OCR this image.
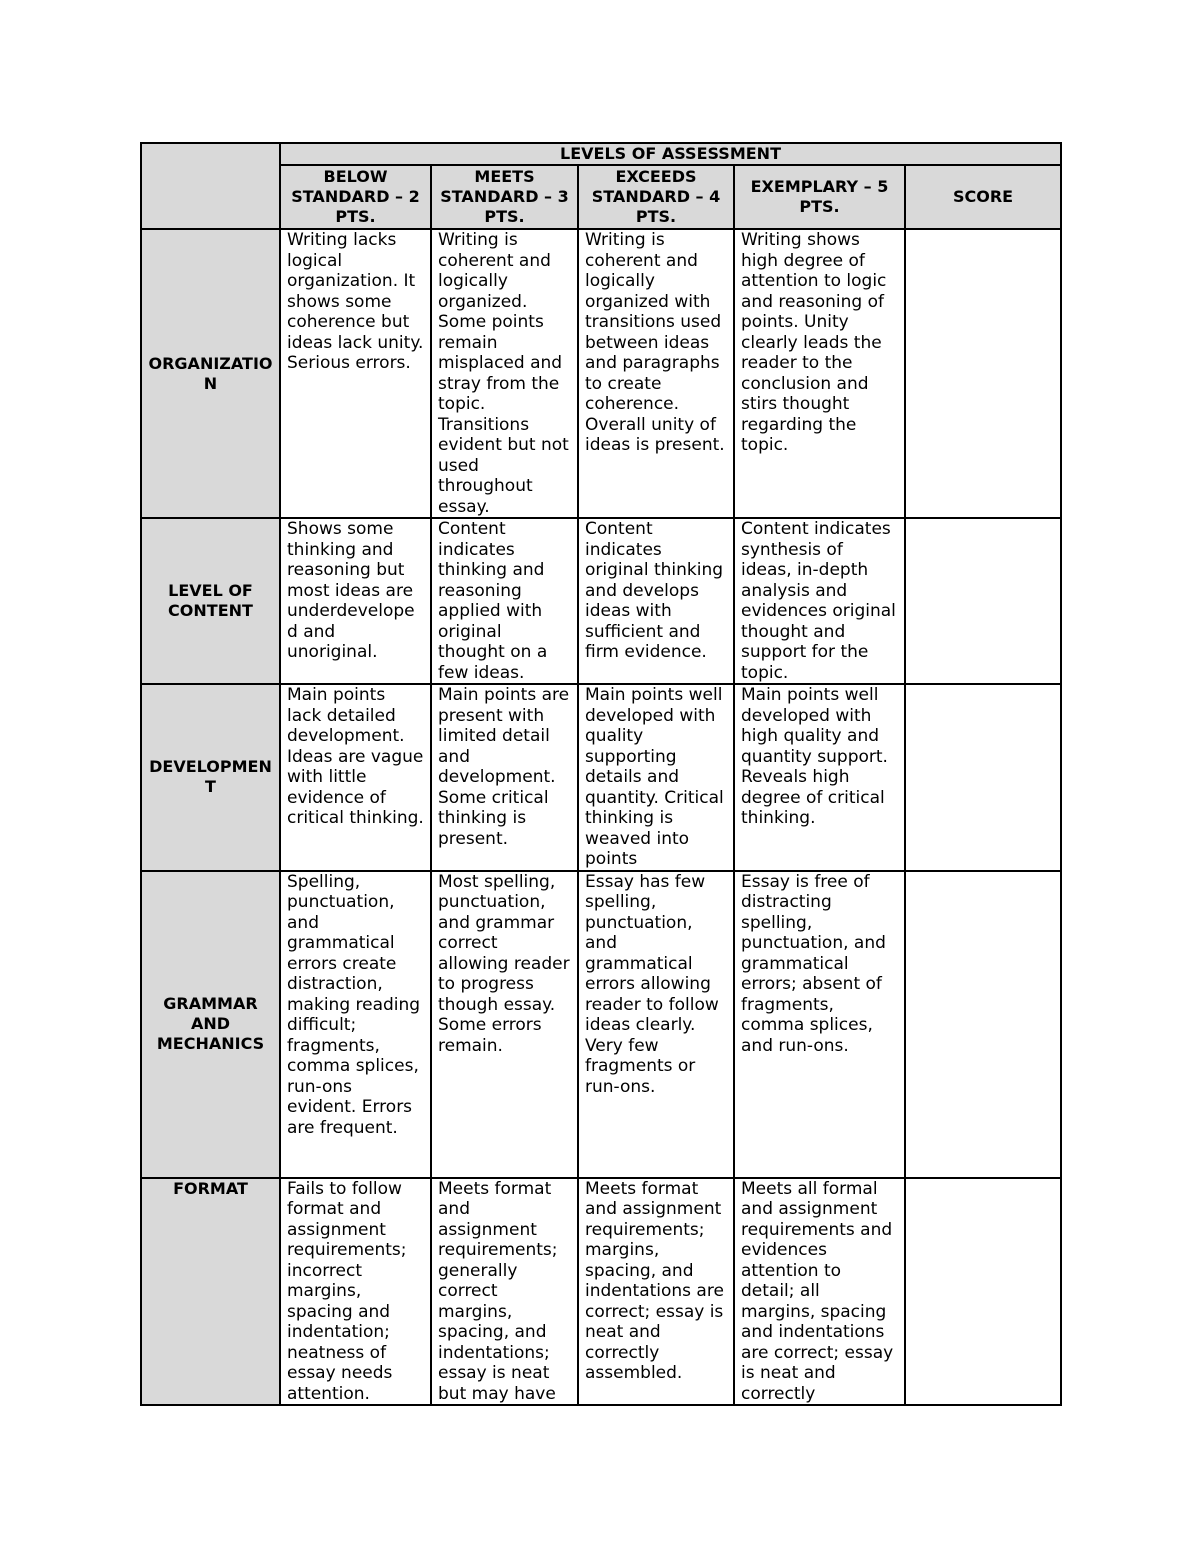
	LEVELS OF ASSESSMENT				
	BELOW STANDARD – 2 PTS.	MEETS STANDARD – 3 PTS.	EXCEEDS STANDARD – 4 PTS.	EXEMPLARY – 5 PTS.	SCORE
ORGANIZATION	Writing lacks logical organization. It shows some coherence but ideas lack unity. Serious errors.	Writing is coherent and logically organized. Some points remain misplaced and stray from the topic. Transitions evident but not used throughout essay.	Writing is coherent and logically organized with transitions used between ideas and paragraphs to create coherence. Overall unity of ideas is present.	Writing shows high degree of attention to logic and reasoning of points. Unity clearly leads the reader to the conclusion and stirs thought regarding the topic.	
LEVEL OF CONTENT	Shows some thinking and reasoning but most ideas are underdeveloped and unoriginal.	Content indicates thinking and reasoning applied with original thought on a few ideas.	Content indicates original thinking and develops ideas with sufficient and firm evidence.	Content indicates synthesis of ideas, in-depth analysis and evidences original thought and support for the topic.	
DEVELOPMENT	Main points lack detailed development. Ideas are vague with little evidence of critical thinking.	Main points are present with limited detail and development. Some critical thinking is present.	Main points well developed with quality supporting details and quantity. Critical thinking is weaved into points	Main points well developed with high quality and quantity support. Reveals high degree of critical thinking.	
GRAMMAR AND MECHANICS	Spelling, punctuation, and grammatical errors create distraction, making reading difficult; fragments, comma splices, run-ons evident. Errors are frequent.	Most spelling, punctuation, and grammar correct allowing reader to progress though essay. Some errors remain.	Essay has few spelling, punctuation, and grammatical errors allowing reader to follow ideas clearly. Very few fragments or run-ons.	Essay is free of distracting spelling, punctuation, and grammatical errors; absent of fragments, comma splices, and run-ons.	
FORMAT	Fails to follow format and assignment requirements; incorrect margins, spacing and indentation; neatness of essay needs attention.	Meets format and assignment requirements; generally correct margins, spacing, and indentations; essay is neat but may have	Meets format and assignment requirements; margins, spacing, and indentations are correct; essay is neat and correctly assembled.	Meets all formal and assignment requirements and evidences attention to detail; all margins, spacing and indentations are correct; essay is neat and correctly	
